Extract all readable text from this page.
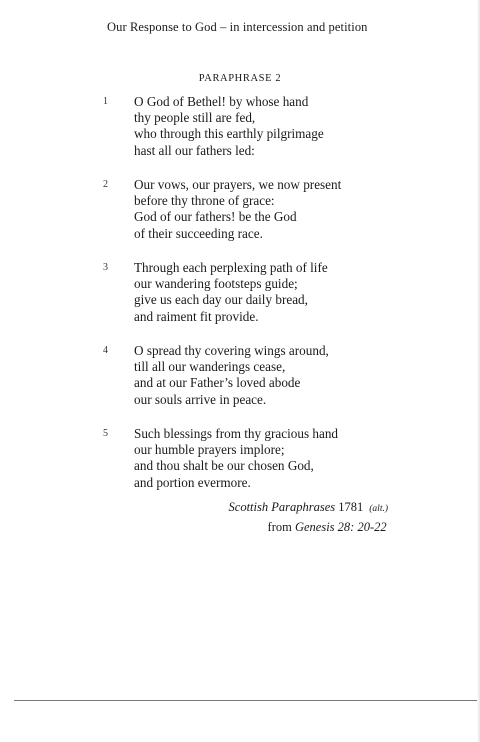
Our Response to God – in intercession and petition
PARAPHRASE 2
1 O God of Bethel! by whose hand
thy people still are fed,
who through this earthly pilgrimage
hast all our fathers led:
2 Our vows, our prayers, we now present
before thy throne of grace:
God of our fathers! be the God
of their succeeding race.
3 Through each perplexing path of life
our wandering footsteps guide;
give us each day our daily bread,
and raiment fit provide.
4 O spread thy covering wings around,
till all our wanderings cease,
and at our Father’s loved abode
our souls arrive in peace.
5 Such blessings from thy gracious hand
our humble prayers implore;
and thou shalt be our chosen God,
and portion evermore.
Scottish Paraphrases 1781 (alt.)
from Genesis 28: 20-22
